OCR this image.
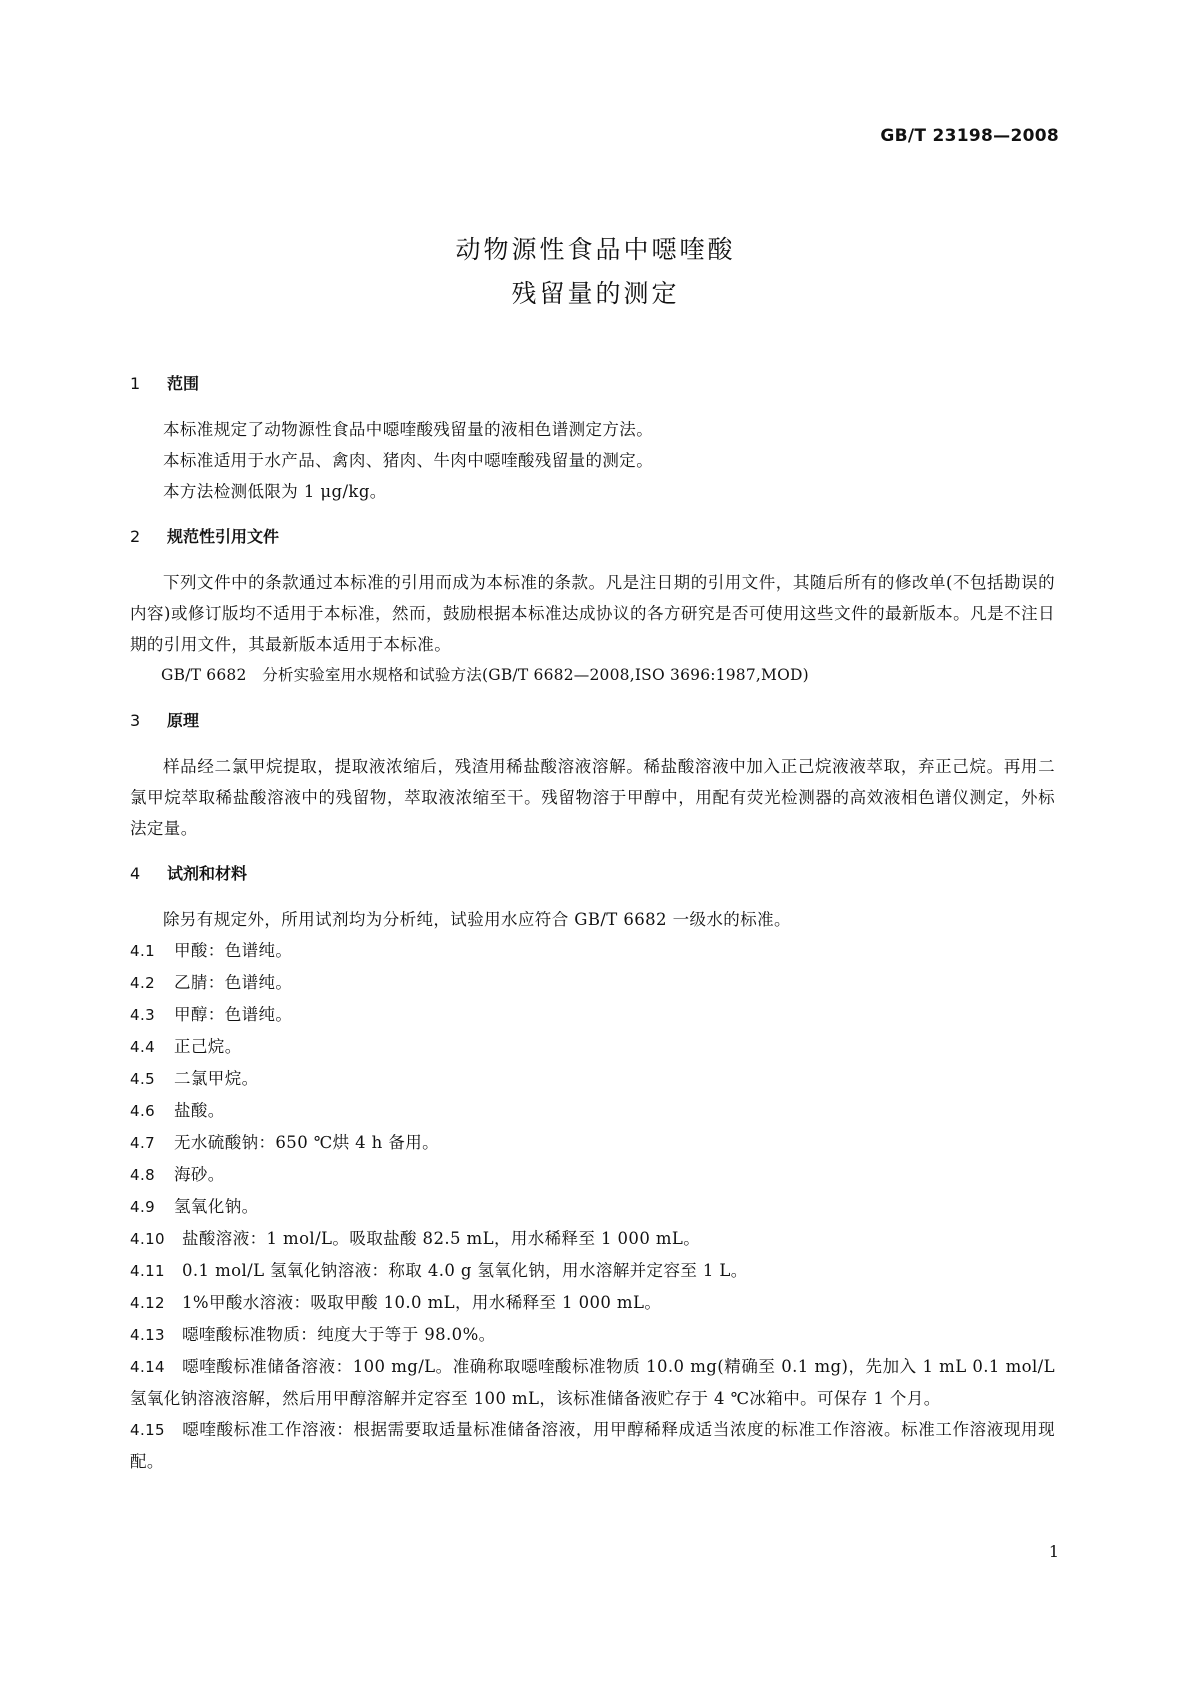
GB/T 23198—2008
动物源性食品中噁喹酸
残留量的测定
1 范围
本标准规定了动物源性食品中噁喹酸残留量的液相色谱测定方法。
本标准适用于水产品、禽肉、猪肉、牛肉中噁喹酸残留量的测定。
本方法检测低限为 1 μg/kg。
2 规范性引用文件
下列文件中的条款通过本标准的引用而成为本标准的条款。凡是注日期的引用文件，其随后所有的修改单(不包括勘误的内容)或修订版均不适用于本标准，然而，鼓励根据本标准达成协议的各方研究是否可使用这些文件的最新版本。凡是不注日期的引用文件，其最新版本适用于本标准。
GB/T 6682　分析实验室用水规格和试验方法(GB/T 6682—2008,ISO 3696:1987,MOD)
3 原理
样品经二氯甲烷提取，提取液浓缩后，残渣用稀盐酸溶液溶解。稀盐酸溶液中加入正己烷液液萃取，弃正己烷。再用二氯甲烷萃取稀盐酸溶液中的残留物，萃取液浓缩至干。残留物溶于甲醇中，用配有荧光检测器的高效液相色谱仪测定，外标法定量。
4 试剂和材料
除另有规定外，所用试剂均为分析纯，试验用水应符合 GB/T 6682 一级水的标准。
4.1 甲酸：色谱纯。
4.2 乙腈：色谱纯。
4.3 甲醇：色谱纯。
4.4 正己烷。
4.5 二氯甲烷。
4.6 盐酸。
4.7 无水硫酸钠：650 ℃烘 4 h 备用。
4.8 海砂。
4.9 氢氧化钠。
4.10 盐酸溶液：1 mol/L。吸取盐酸 82.5 mL，用水稀释至 1 000 mL。
4.11 0.1 mol/L 氢氧化钠溶液：称取 4.0 g 氢氧化钠，用水溶解并定容至 1 L。
4.12 1%甲酸水溶液：吸取甲酸 10.0 mL，用水稀释至 1 000 mL。
4.13 噁喹酸标准物质：纯度大于等于 98.0%。
4.14 噁喹酸标准储备溶液：100 mg/L。准确称取噁喹酸标准物质 10.0 mg(精确至 0.1 mg)，先加入 1 mL 0.1 mol/L 氢氧化钠溶液溶解，然后用甲醇溶解并定容至 100 mL，该标准储备液贮存于 4 ℃冰箱中。可保存 1 个月。
4.15 噁喹酸标准工作溶液：根据需要取适量标准储备溶液，用甲醇稀释成适当浓度的标准工作溶液。标准工作溶液现用现配。
1
